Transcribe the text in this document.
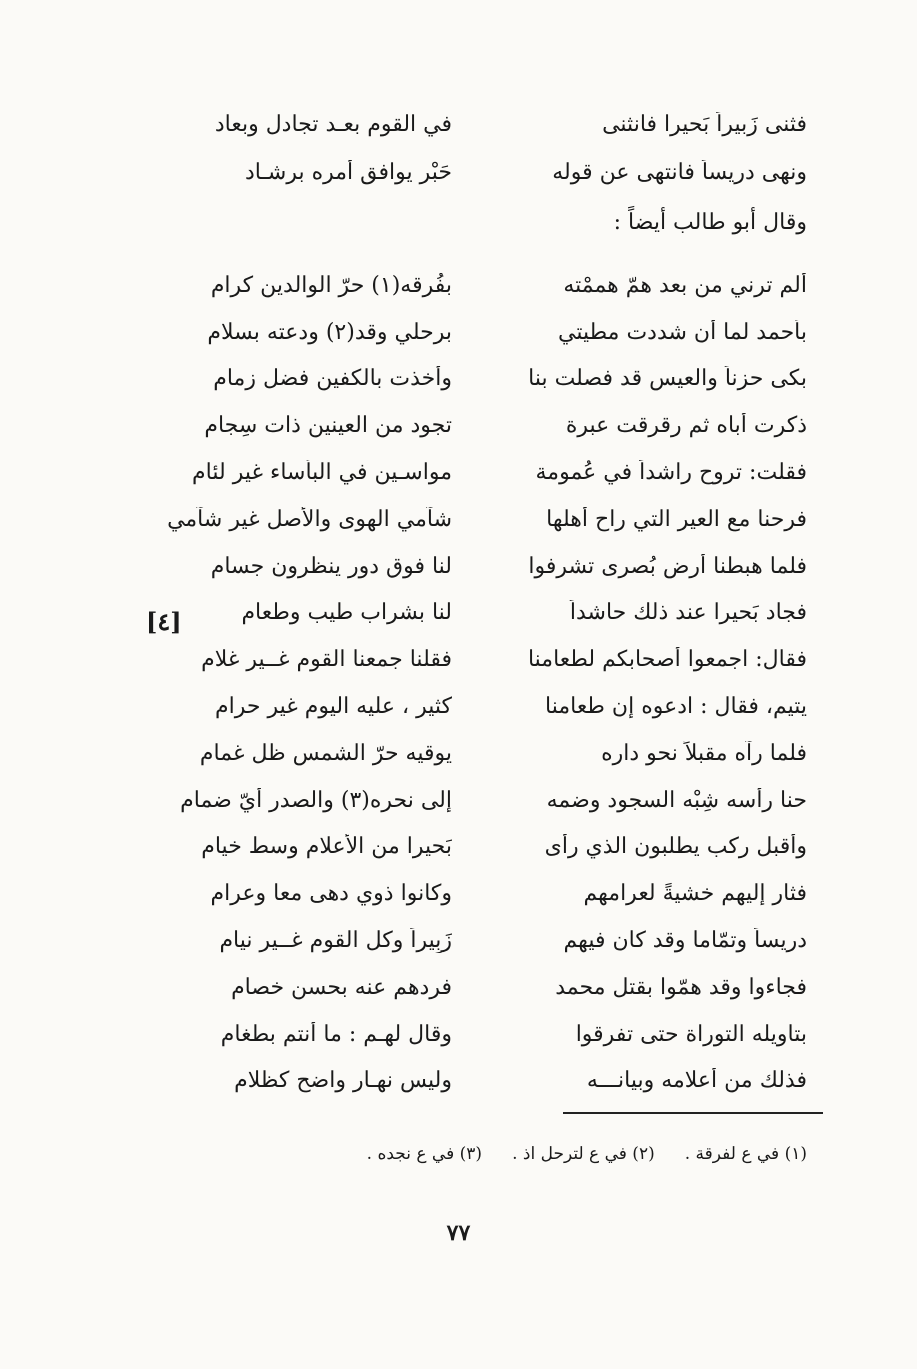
فثنى زَبيراً بَحيرا فانثنى
في القوم بعـد تجادل وبعاد
ونهى دريساً فانتهى عن قوله
حَبْر يوافق أمره برشـاد
وقال أبو طالب أيضاً :
ألم ترني من بعد همّ هممْته
بفُرقه(١) حرّ الوالدين كرام
بأحمد لما أن شددت مطيتي
برحلي وقد(٢) ودعته بسلام
بكى حزناً والعيس قد فصلت بنا
وأخذت بالكفين فضل زمام
ذكرت أباه ثم رقرقت عبرة
تجود من العينين ذات سِجام
فقلت: تروح راشداً في عُمومة
مواسـين في البأساء غير لئام
فرحنا مع العير التي راح أهلها
شآمي الهوى والأصل غير شآمي
فلما هبطنا أرض بُصرى تشرفوا
لنا فوق دور ينظرون جسام
فجاد بَحيرا عند ذلك حاشداً
لنا بشراب طيب وطعام
فقال: اجمعوا أصحابكم لطعامنا
فقلنا جمعنا القوم غــير غلام
يتيم، فقال : ادعوه إن طعامنا
كثير ، عليه اليوم غير حرام
فلما رآه مقبلاً نحو داره
يوقيه حرّ الشمس ظل غمام
حنا رأسه شِبْه السجود وضمه
إلى نحره(٣) والصدر أيّ ضمام
وأقبل ركب يطلبون الذي رأى
بَحيرا من الأعلام وسط خيام
فثار إليهم خشيةً لعرامهم
وكانوا ذوي دهى معا وعرام
دريساً وتمّاما وقد كان فيهم
زَبِيراً وكل القوم غــير نيام
فجاءوا وقد همّوا بقتل محمد
فردهم عنه بحسن خصام
بتاويله التوراة حتى تفرقوا
وقال لهـم : ما أنتم بطغام
فذلك من أعلامه وبيانـــه
وليس نهـار واضح كظلام
[٤]
(١) في ع لفرقة .
(٢) في ع لترحل اذ .
(٣) في ع نجده .
٧٧
